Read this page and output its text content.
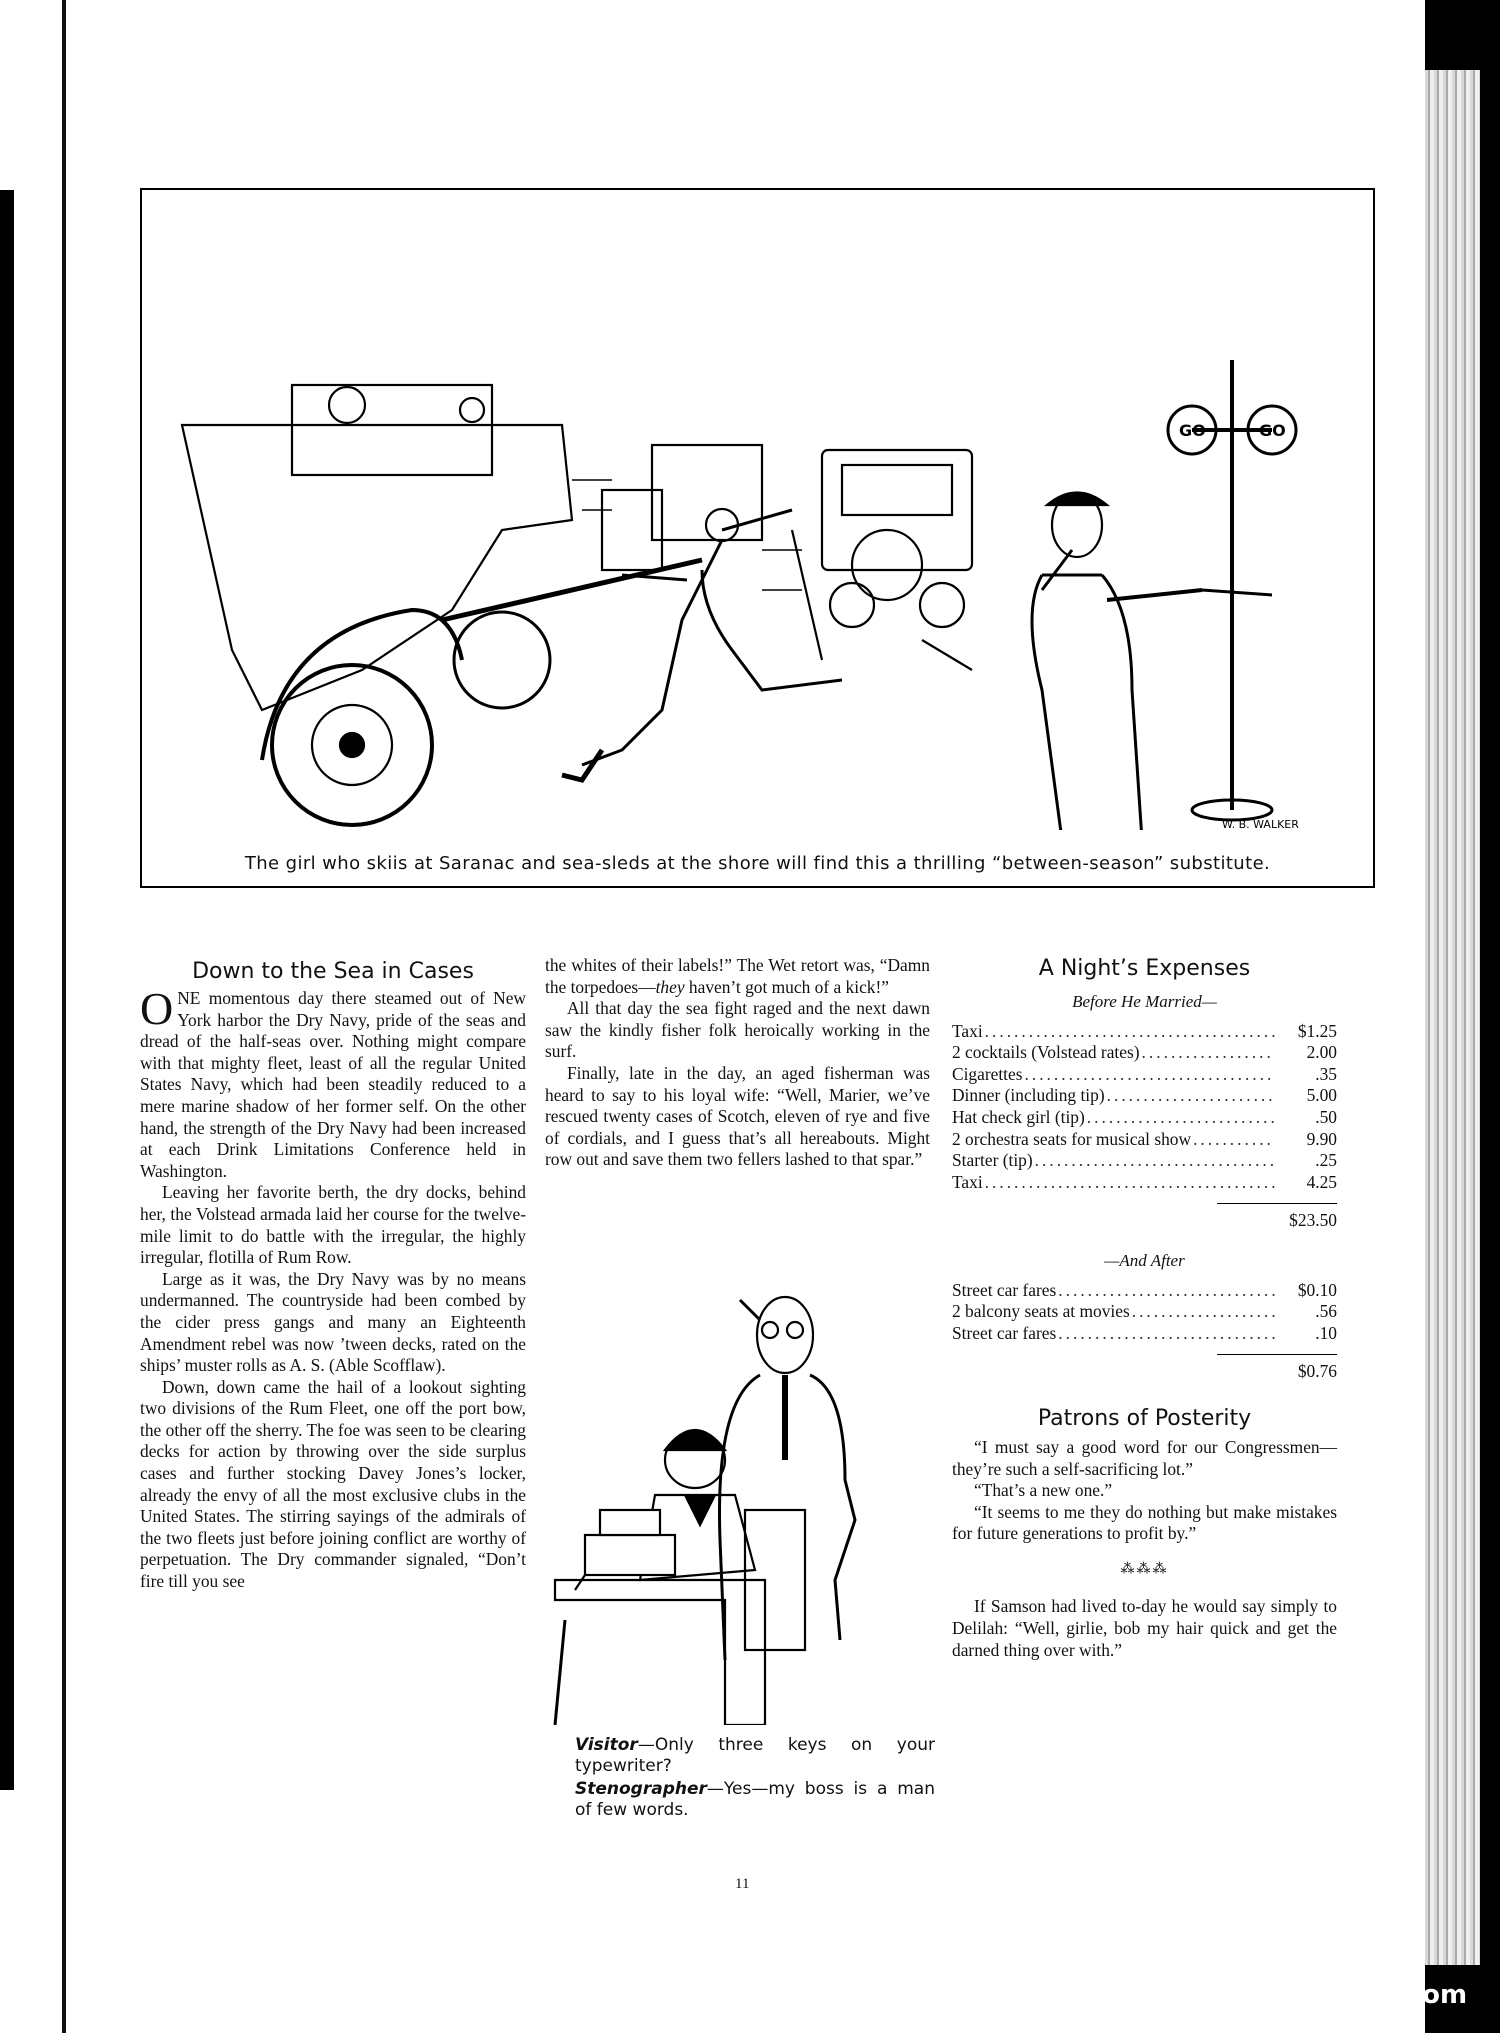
GO	GO
W. B. WALKER
The girl who skiis at Saranac and sea-sleds at the shore will find this a thrilling “between-season” substitute.
Down to the Sea in Cases

ONE momentous day there steamed out of New York harbor the Dry Navy, pride of the seas and dread of the half-seas over. Nothing might compare with that mighty fleet, least of all the regular United States Navy, which had been steadily reduced to a mere marine shadow of her former self. On the other hand, the strength of the Dry Navy had been increased at each Drink Limitations Conference held in Washington.

Leaving her favorite berth, the dry docks, behind her, the Volstead armada laid her course for the twelve-mile limit to do battle with the irregular, the highly irregular, flotilla of Rum Row.

Large as it was, the Dry Navy was by no means undermanned. The countryside had been combed by the cider press gangs and many an Eighteenth Amendment rebel was now ’tween decks, rated on the ships’ muster rolls as A. S. (Able Scofflaw).

Down, down came the hail of a lookout sighting two divisions of the Rum Fleet, one off the port bow, the other off the sherry. The foe was seen to be clearing decks for action by throwing over the side surplus cases and further stocking Davey Jones’s locker, already the envy of all the most exclusive clubs in the United States. The stirring sayings of the admirals of the two fleets just before joining conflict are worthy of perpetuation. The Dry commander signaled, “Don’t fire till you see

the whites of their labels!” The Wet retort was, “Damn the torpedoes—they haven’t got much of a kick!”

All that day the sea fight raged and the next dawn saw the kindly fisher folk heroically working in the surf.

Finally, late in the day, an aged fisherman was heard to say to his loyal wife: “Well, Marier, we’ve rescued twenty cases of Scotch, eleven of rye and five of cordials, and I guess that’s all hereabouts. Might row out and save them two fellers lashed to that spar.”

Visitor—Only three keys on your typewriter?

Stenographer—Yes—my boss is a man of few words.

A Night’s Expenses
Before He Married—
Taxi .....	$1.25
2 cocktails (Volstead rates) .....	2.00
Cigarettes .....	.35
Dinner (including tip) .....	5.00
Hat check girl (tip) .....	.50
2 orchestra seats for musical show .....	9.90
Starter (tip) .....	.25
Taxi .....	4.25
$23.50
—And After
Street car fares .....	$0.10
2 balcony seats at movies .....	.56
Street car fares .....	.10
$0.76
Patrons of Posterity

“I must say a good word for our Congressmen—they’re such a self-sacrificing lot.”

“That’s a new one.”

“It seems to me they do nothing but make mistakes for future generations to profit by.”

⁂⁂⁂

If Samson had lived to-day he would say simply to Delilah: “Well, girlie, bob my hair quick and get the darned thing over with.”

11
comicbooks.com
